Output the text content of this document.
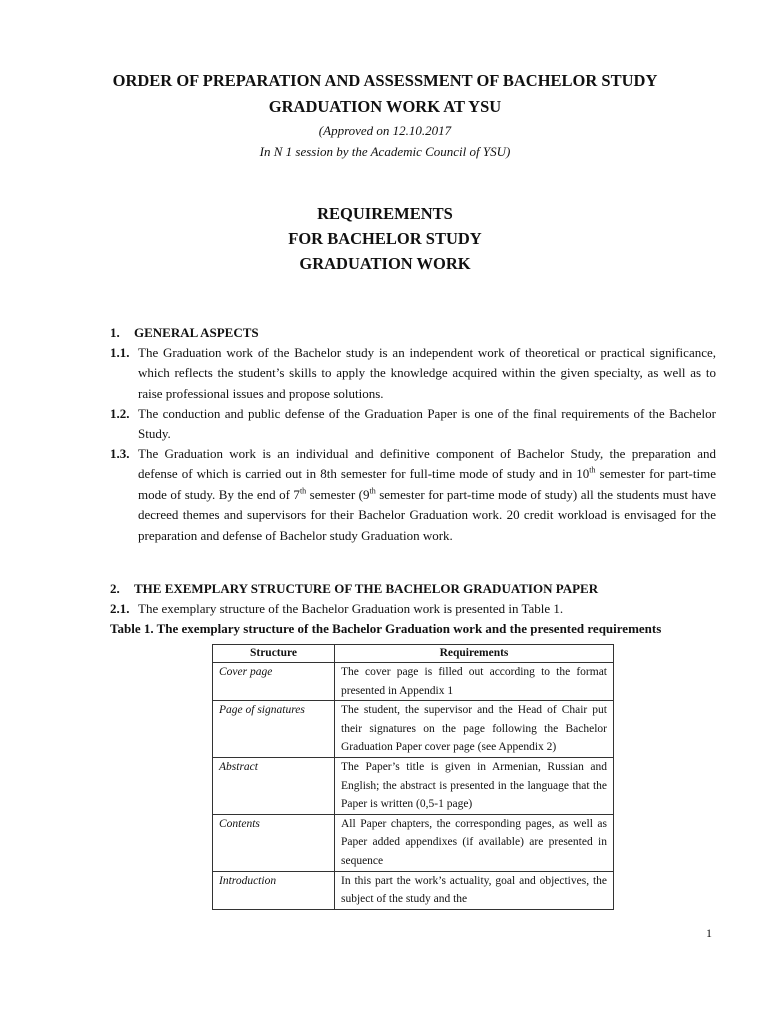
ORDER OF PREPARATION AND ASSESSMENT OF BACHELOR STUDY
GRADUATION WORK AT YSU
(Approved on 12.10.2017
In N 1 session by the Academic Council of YSU)
REQUIREMENTS
FOR BACHELOR STUDY
GRADUATION WORK
1. GENERAL ASPECTS
1.1. The Graduation work of the Bachelor study is an independent work of theoretical or practical significance, which reflects the student’s skills to apply the knowledge acquired within the given specialty, as well as to raise professional issues and propose solutions.
1.2. The conduction and public defense of the Graduation Paper is one of the final requirements of the Bachelor Study.
1.3. The Graduation work is an individual and definitive component of Bachelor Study, the preparation and defense of which is carried out in 8th semester for full-time mode of study and in 10th semester for part-time mode of study. By the end of 7th semester (9th semester for part-time mode of study) all the students must have decreed themes and supervisors for their Bachelor Graduation work. 20 credit workload is envisaged for the preparation and defense of Bachelor study Graduation work.
2. THE EXEMPLARY STRUCTURE OF THE BACHELOR GRADUATION PAPER
2.1. The exemplary structure of the Bachelor Graduation work is presented in Table 1.
Table 1. The exemplary structure of the Bachelor Graduation work and the presented requirements
Structure	Requirements
Cover page	The cover page is filled out according to the format presented in Appendix 1
Page of signatures	The student, the supervisor and the Head of Chair put their signatures on the page following the Bachelor Graduation Paper cover page (see Appendix 2)
Abstract	The Paper’s title is given in Armenian, Russian and English; the abstract is presented in the language that the Paper is written (0,5-1 page)
Contents	All Paper chapters, the corresponding pages, as well as Paper added appendixes (if available) are presented in sequence
Introduction	In this part the work’s actuality, goal and objectives, the subject of the study and the
1
